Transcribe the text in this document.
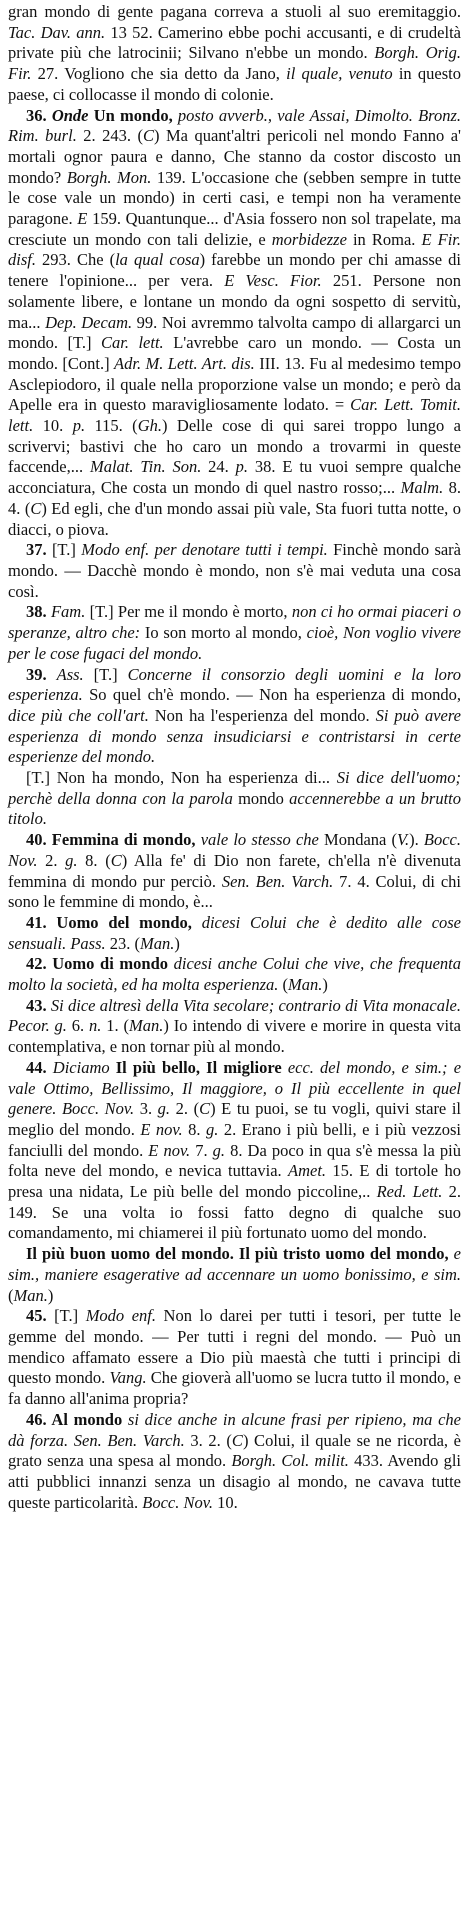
gran mondo di gente pagana correva a stuoli al suo eremitaggio. Tac. Dav. ann. 13 52. Camerino ebbe pochi accusanti, e di crudeltà private più che latrocinii; Silvano n'ebbe un mondo. Borgh. Orig. Fir. 27. Vogliono che sia detto da Jano, il quale, venuto in questo paese, ci collocasse il mondo di colonie.

36. Onde Un mondo, posto avverb., vale Assai, Dimolto. Bronz. Rim. burl. 2. 243. (C) Ma quant'altri pericoli nel mondo Fanno a' mortali ognor paura e danno, Che stanno da costor discosto un mondo? Borgh. Mon. 139. L'occasione che (sebben sempre in tutte le cose vale un mondo) in certi casi, e tempi non ha veramente paragone. E 159. Quantunque... d'Asia fossero non sol trapelate, ma cresciute un mondo con tali delizie, e morbidezze in Roma. E Fir. disf. 293. Che (la qual cosa) farebbe un mondo per chi amasse di tenere l'opinione... per vera. E Vesc. Fior. 251. Persone non solamente libere, e lontane un mondo da ogni sospetto di servitù, ma... Dep. Decam. 99. Noi avremmo talvolta campo di allargarci un mondo. [T.] Car. lett. L'avrebbe caro un mondo. — Costa un mondo. [Cont.] Adr. M. Lett. Art. dis. III. 13. Fu al medesimo tempo Asclepiodoro, il quale nella proporzione valse un mondo; e però da Apelle era in questo maravigliosamente lodato. = Car. Lett. Tomit. lett. 10. p. 115. (Gh.) Delle cose di qui sarei troppo lungo a scrivervi; bastivi che ho caro un mondo a trovarmi in queste faccende,... Malat. Tin. Son. 24. p. 38. E tu vuoi sempre qualche acconciatura, Che costa un mondo di quel nastro rosso;... Malm. 8. 4. (C) Ed egli, che d'un mondo assai più vale, Sta fuori tutta notte, o diacci, o piova.

37. [T.] Modo enf. per denotare tutti i tempi. Finchè mondo sarà mondo. — Dacchè mondo è mondo, non s'è mai veduta una cosa così.

38. Fam. [T.] Per me il mondo è morto, non ci ho ormai piaceri o speranze, altro che: Io son morto al mondo, cioè, Non voglio vivere per le cose fugaci del mondo.

39. Ass. [T.] Concerne il consorzio degli uomini e la loro esperienza. So quel ch'è mondo. — Non ha esperienza di mondo, dice più che coll'art. Non ha l'esperienza del mondo. Si può avere esperienza di mondo senza insudiciarsi e contristarsi in certe esperienze del mondo.

[T.] Non ha mondo, Non ha esperienza di... Si dice dell'uomo; perchè della donna con la parola mondo accennerebbe a un brutto titolo.

40. Femmina di mondo, vale lo stesso che Mondana (V.). Bocc. Nov. 2. g. 8. (C) Alla fe' di Dio non farete, ch'ella n'è divenuta femmina di mondo pur perciò. Sen. Ben. Varch. 7. 4. Colui, di chi sono le femmine di mondo, è...

41. Uomo del mondo, dicesi Colui che è dedito alle cose sensuali. Pass. 23. (Man.)

42. Uomo di mondo dicesi anche Colui che vive, che frequenta molto la società, ed ha molta esperienza. (Man.)

43. Si dice altresì della Vita secolare; contrario di Vita monacale. Pecor. g. 6. n. 1. (Man.) Io intendo di vivere e morire in questa vita contemplativa, e non tornar più al mondo.

44. Diciamo Il più bello, Il migliore ecc. del mondo, e sim.; e vale Ottimo, Bellissimo, Il maggiore, o Il più eccellente in quel genere. Bocc. Nov. 3. g. 2. (C) E tu puoi, se tu vogli, quivi stare il meglio del mondo. E nov. 8. g. 2. Erano i più belli, e i più vezzosi fanciulli del mondo. E nov. 7. g. 8. Da poco in qua s'è messa la più folta neve del mondo, e nevica tuttavia. Amet. 15. E di tortole ho presa una nidata, Le più belle del mondo piccoline,.. Red. Lett. 2. 149. Se una volta io fossi fatto degno di qualche suo comandamento, mi chiamerei il più fortunato uomo del mondo.

Il più buon uomo del mondo. Il più tristo uomo del mondo, e sim., maniere esagerative ad accennare un uomo bonissimo, e sim. (Man.)

45. [T.] Modo enf. Non lo darei per tutti i tesori, per tutte le gemme del mondo. — Per tutti i regni del mondo. — Può un mendico affamato essere a Dio più maestà che tutti i principi di questo mondo. Vang. Che gioverà all'uomo se lucra tutto il mondo, e fa danno all'anima propria?

46. Al mondo si dice anche in alcune frasi per ripieno, ma che dà forza. Sen. Ben. Varch. 3. 2. (C) Colui, il quale se ne ricorda, è grato senza una spesa al mondo. Borgh. Col. milit. 433. Avendo gli atti pubblici innanzi senza un disagio al mondo, ne cavava tutte queste particolarità. Bocc. Nov. 10.
